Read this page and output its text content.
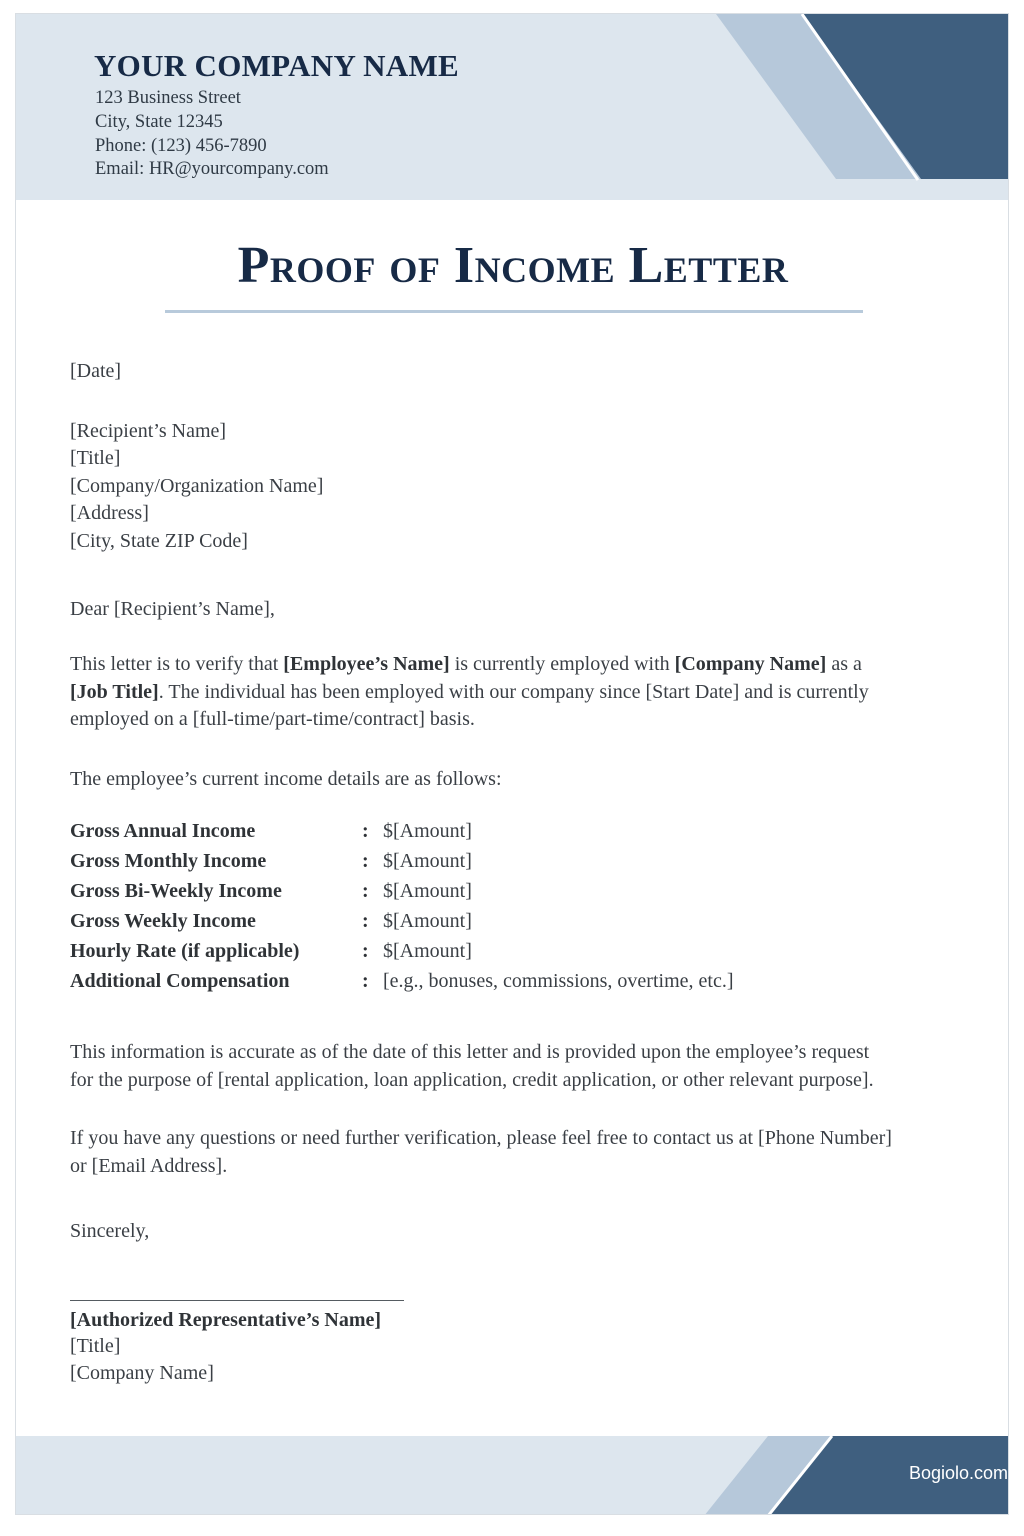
YOUR COMPANY NAME
123 Business Street
City, State 12345
Phone: (123) 456-7890
Email: HR@yourcompany.com
Proof of Income Letter
[Date]
[Recipient’s Name]
[Title]
[Company/Organization Name]
[Address]
[City, State ZIP Code]
Dear [Recipient’s Name],
This letter is to verify that [Employee’s Name] is currently employed with [Company Name] as a
[Job Title]. The individual has been employed with our company since [Start Date] and is currently
employed on a [full-time/part-time/contract] basis.
The employee’s current income details are as follows:
Gross Annual Income	: $[Amount]
Gross Monthly Income	: $[Amount]
Gross Bi-Weekly Income	: $[Amount]
Gross Weekly Income	: $[Amount]
Hourly Rate (if applicable)	: $[Amount]
Additional Compensation	: [e.g., bonuses, commissions, overtime, etc.]
This information is accurate as of the date of this letter and is provided upon the employee’s request
for the purpose of [rental application, loan application, credit application, or other relevant purpose].
If you have any questions or need further verification, please feel free to contact us at [Phone Number]
or [Email Address].
Sincerely,
[Authorized Representative’s Name]
[Title]
[Company Name]
Bogiolo.com
